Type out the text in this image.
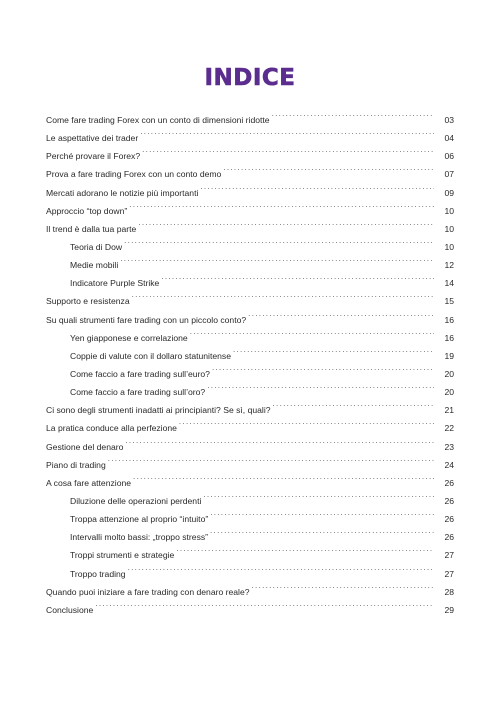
INDICE
Come fare trading Forex con un conto di dimensioni ridotte .....	03
Le aspettative dei trader .....	04
Perché provare il Forex? .....	06
Prova a fare trading Forex con un conto demo .....	07
Mercati adorano le notizie più importanti .....	09
Approccio “top down” .....	10
Il trend è dalla tua parte .....	10
Teoria di Dow .....	10
Medie mobili .....	12
Indicatore Purple Strike .....	14
Supporto e resistenza .....	15
Su quali strumenti fare trading con un piccolo conto? .....	16
Yen giapponese e correlazione .....	16
Coppie di valute con il dollaro statunitense .....	19
Come faccio a fare trading sull’euro? .....	20
Come faccio a fare trading sull’oro? .....	20
Ci sono degli strumenti inadatti ai principianti? Se sì, quali? .....	21
La pratica conduce alla perfezione .....	22
Gestione del denaro .....	23
Piano di trading .....	24
A cosa fare attenzione .....	26
Diluzione delle operazioni perdenti .....	26
Troppa attenzione al proprio “intuito” .....	26
Intervalli molto bassi: „troppo stress” .....	26
Troppi strumenti e strategie .....	27
Troppo trading .....	27
Quando puoi iniziare a fare trading con denaro reale? .....	28
Conclusione .....	29
